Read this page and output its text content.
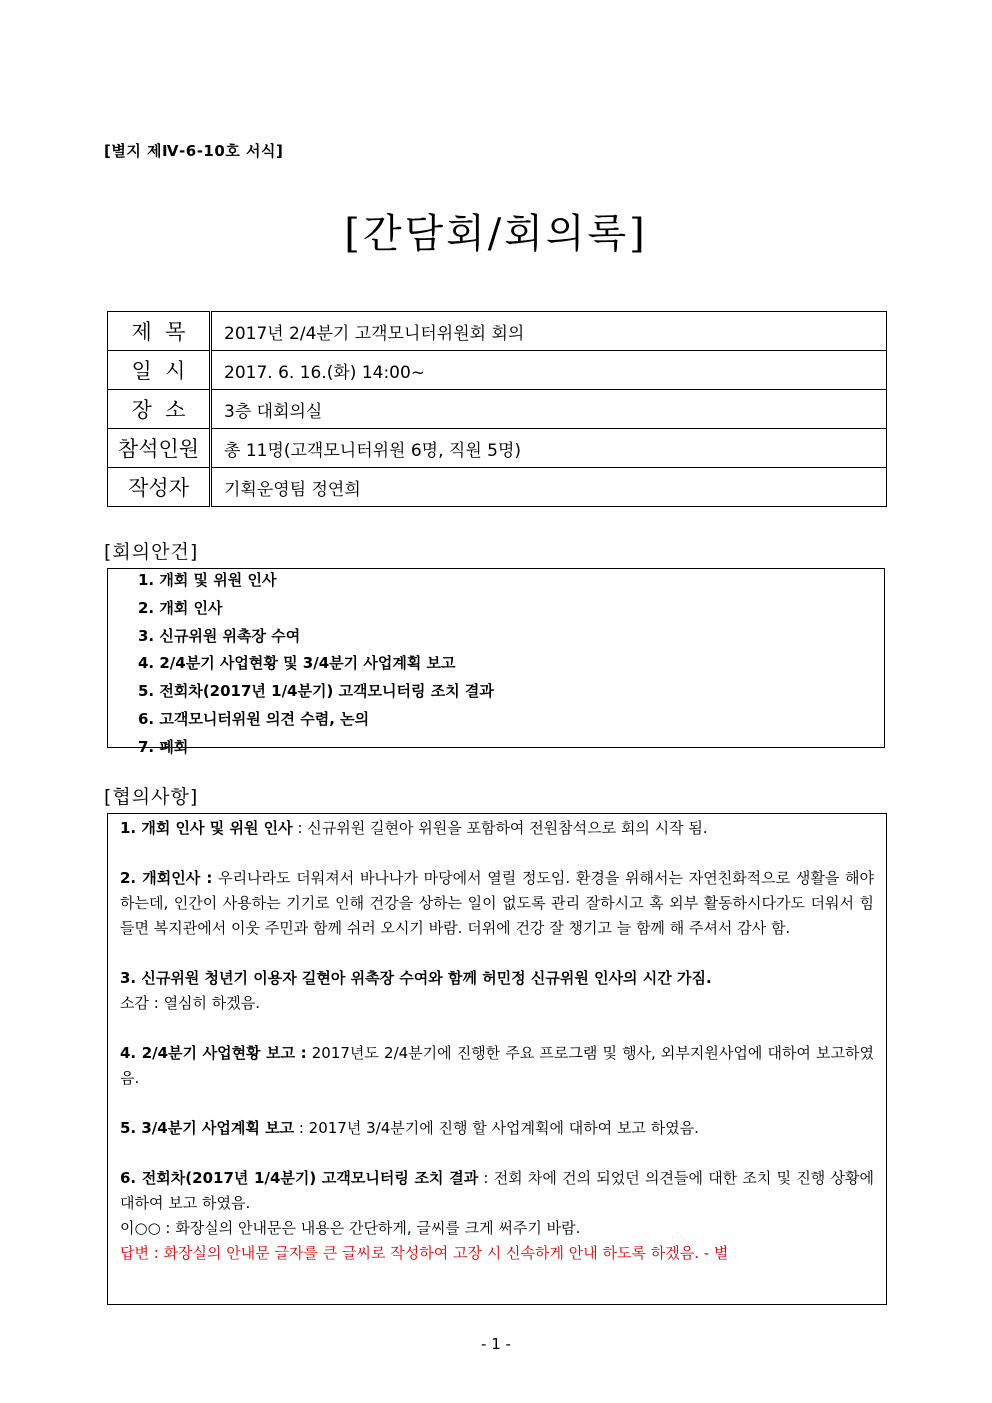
[별지 제Ⅳ-6-10호 서식]
[간담회/회의록]
제  목	2017년 2/4분기 고객모니터위원회 회의
일  시	2017. 6. 16.(화) 14:00~
장  소	3층 대회의실
참석인원	총 11명(고객모니터위원 6명, 직원 5명)
작성자	기획운영팀 정연희
[회의안건]
1. 개회 및 위원 인사
2. 개회 인사
3. 신규위원 위촉장 수여
4. 2/4분기 사업현황 및 3/4분기 사업계획 보고
5. 전회차(2017년 1/4분기) 고객모니터링 조치 결과
6. 고객모니터위원 의견 수렴, 논의
7. 폐회
[협의사항]

1. 개회 인사 및 위원 인사 : 신규위원 길현아 위원을 포함하여 전원참석으로 회의 시작 됨.

2. 개회인사 : 우리나라도 더워져서 바나나가 마당에서 열릴 정도임. 환경을 위해서는 자연친화적으로 생활을 해야 하는데, 인간이 사용하는 기기로 인해 건강을 상하는 일이 없도록 관리 잘하시고 혹 외부 활동하시다가도 더워서 힘들면 복지관에서 이웃 주민과 함께 쉬러 오시기 바람. 더위에 건강 잘 챙기고 늘 함께 해 주셔서 감사 함.

3. 신규위원 청년기 이용자 길현아 위촉장 수여와 함께 허민정 신규위원 인사의 시간 가짐.

소감 : 열심히 하겠음.

4. 2/4분기 사업현황 보고 : 2017년도 2/4분기에 진행한 주요 프로그램 및 행사, 외부지원사업에 대하여 보고하였음.

5. 3/4분기 사업계획 보고 : 2017년 3/4분기에 진행 할 사업계획에 대하여 보고 하였음.

6. 전회차(2017년 1/4분기) 고객모니터링 조치 결과 : 전회 차에 건의 되었던 의견들에 대한 조치 및 진행 상황에 대하여 보고 하였음.

이○○ : 화장실의 안내문은 내용은 간단하게, 글씨를 크게 써주기 바람.

답변 : 화장실의 안내문 글자를 큰 글씨로 작성하여 고장 시 신속하게 안내 하도록 하겠음. - 별

- 1 -
